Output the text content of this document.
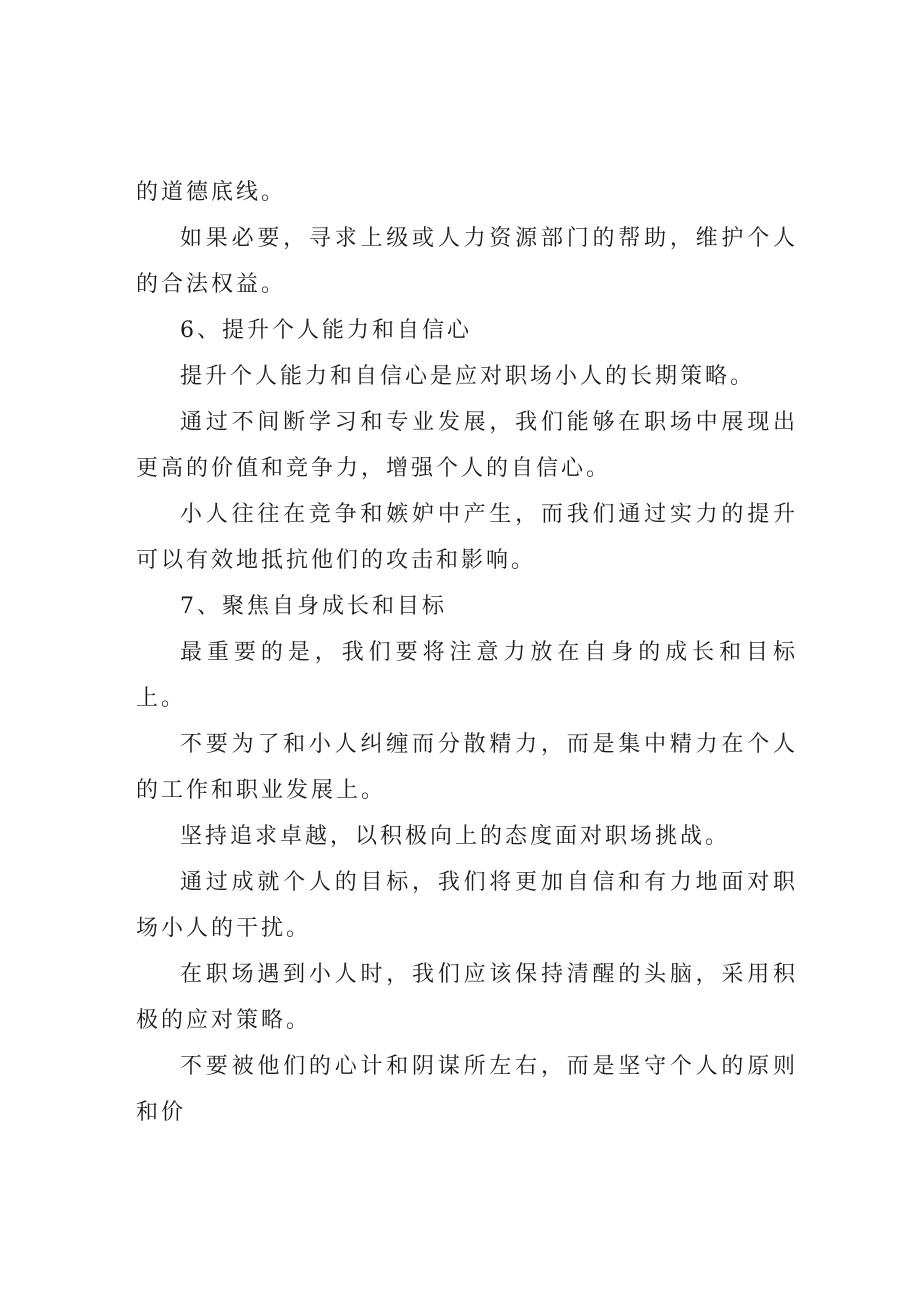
的道德底线。

如果必要，寻求上级或人力资源部门的帮助，维护个人的合法权益。

6、提升个人能力和自信心

提升个人能力和自信心是应对职场小人的长期策略。

通过不间断学习和专业发展，我们能够在职场中展现出更高的价值和竞争力，增强个人的自信心。

小人往往在竞争和嫉妒中产生，而我们通过实力的提升可以有效地抵抗他们的攻击和影响。

7、聚焦自身成长和目标

最重要的是，我们要将注意力放在自身的成长和目标上。

不要为了和小人纠缠而分散精力，而是集中精力在个人的工作和职业发展上。

坚持追求卓越，以积极向上的态度面对职场挑战。

通过成就个人的目标，我们将更加自信和有力地面对职场小人的干扰。

在职场遇到小人时，我们应该保持清醒的头脑，采用积极的应对策略。

不要被他们的心计和阴谋所左右，而是坚守个人的原则和价
